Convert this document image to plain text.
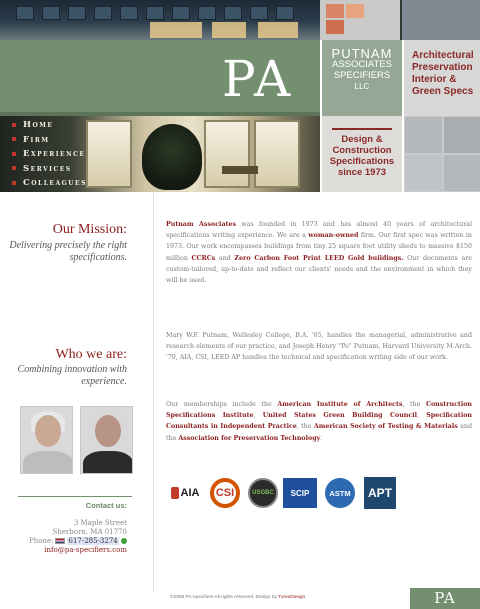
PA	PUTNAM
ASSOCIATES
SPECIFIERS
LLC
Architectural
Preservation
Interior &
Green Specs
Home
Firm
Experience
Services
Colleagues
Design &
Construction
Specifications
since 1973
Our Mission:
Delivering precisely the right specifications.
Who we are:
Combining innovation with experience.
Contact us:
3 Maple Street
Sherborn, MA 01770
Phone: 617-285-3274
info@pa-specifiers.com
Putnam Associates was founded in 1973 and has almost 40 years of architectural specifications writing experience. We are a woman-owned firm. Our first spec was written in 1973. Our work encompasses buildings from tiny 25 square foot utility sheds to massive $150 million CCRCs and Zero Carbon Foot Print LEED Gold buildings. Our documents are custom-tailored, up-to-date and reflect our clients' needs and the environment in which they will be used.
Mary W.F. Putnam, Wellesley College, B.A. '65, handles the managerial, administrative and research elements of our practice, and Joseph Henry "Po" Putnam, Harvard University M.Arch. '70, AIA, CSI, LEED AP handles the technical and specification writing side of our work.
Our memberships include the American Institute of Architects, the Construction Specifications Institute, United States Green Building Council, Specification Consultants in Independent Practice, the American Society of Testing & Materials and the Association for Preservation Technology.
AIA	CSI	USGBC	SCIP	ASTM	APT
©2009 PA-specifiers All rights reserved. Design by TurexDesign	PA
